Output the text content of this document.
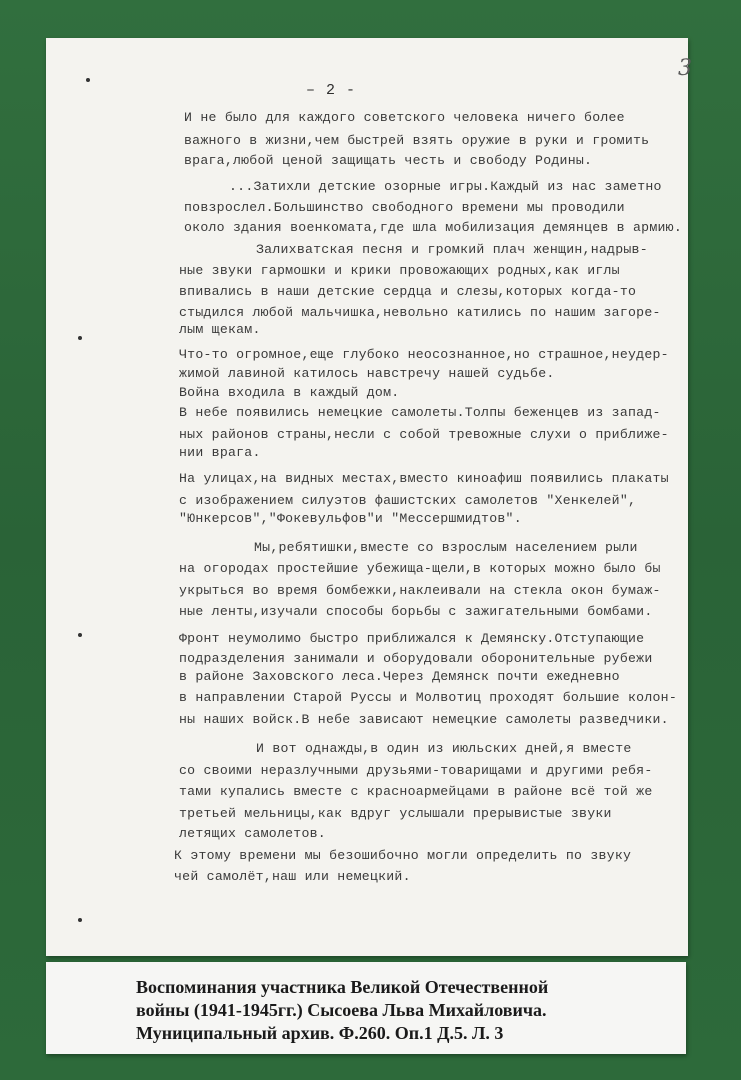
– 2 -
3
И не было для каждого советского человека ничего более
важного в жизни,чем быстрей взять оружие в руки и громить
врага,любой ценой защищать честь и свободу Родины.
...Затихли детские озорные игры.Каждый из нас заметно
повзрослел.Большинство свободного времени мы проводили
около здания военкомата,где шла мобилизация демянцев в армию.
Залихватская песня и громкий плач женщин,надрыв-
ные звуки гармошки и крики провожающих родных,как иглы
впивались в наши детские сердца и слезы,которых когда-то
стыдился любой мальчишка,невольно катились по нашим загоре-
лым щекам.
Что-то огромное,еще глубоко неосознанное,но страшное,неудер-
жимой лавиной катилось навстречу нашей судьбе.
Война входила в каждый дом.
В небе появились немецкие самолеты.Толпы беженцев из запад-
ных районов страны,несли с собой тревожные слухи о приближе-
нии врага.
На улицах,на видных местах,вместо киноафиш появились плакаты
с изображением силуэтов фашистских самолетов "Хенкелей",
"Юнкерсов","Фокевульфов"и "Мессершмидтов".
Мы,ребятишки,вместе со взрослым населением рыли
на огородах простейшие убежища-щели,в которых можно было бы
укрыться во время бомбежки,наклеивали на стекла окон бумаж-
ные ленты,изучали способы борьбы с зажигательными бомбами.
Фронт неумолимо быстро приближался к Демянску.Отступающие
подразделения занимали и оборудовали оборонительные рубежи
в районе Заховского леса.Через Демянск почти ежедневно
в направлении Старой Руссы и Молвотиц проходят большие колон-
ны наших войск.В небе зависают немецкие самолеты разведчики.
И вот однажды,в один из июльских дней,я вместе
со своими неразлучными друзьями-товарищами и другими ребя-
тами купались вместе с красноармейцами в районе всё той же
третьей мельницы,как вдруг услышали прерывистые звуки
летящих самолетов.
К этому времени мы безошибочно могли определить по звуку
чей самолёт,наш или немецкий.
Воспоминания участника Великой Отечественной
войны (1941-1945гг.) Сысоева Льва Михайловича.
Муниципальный архив. Ф.260. Оп.1 Д.5. Л. 3
